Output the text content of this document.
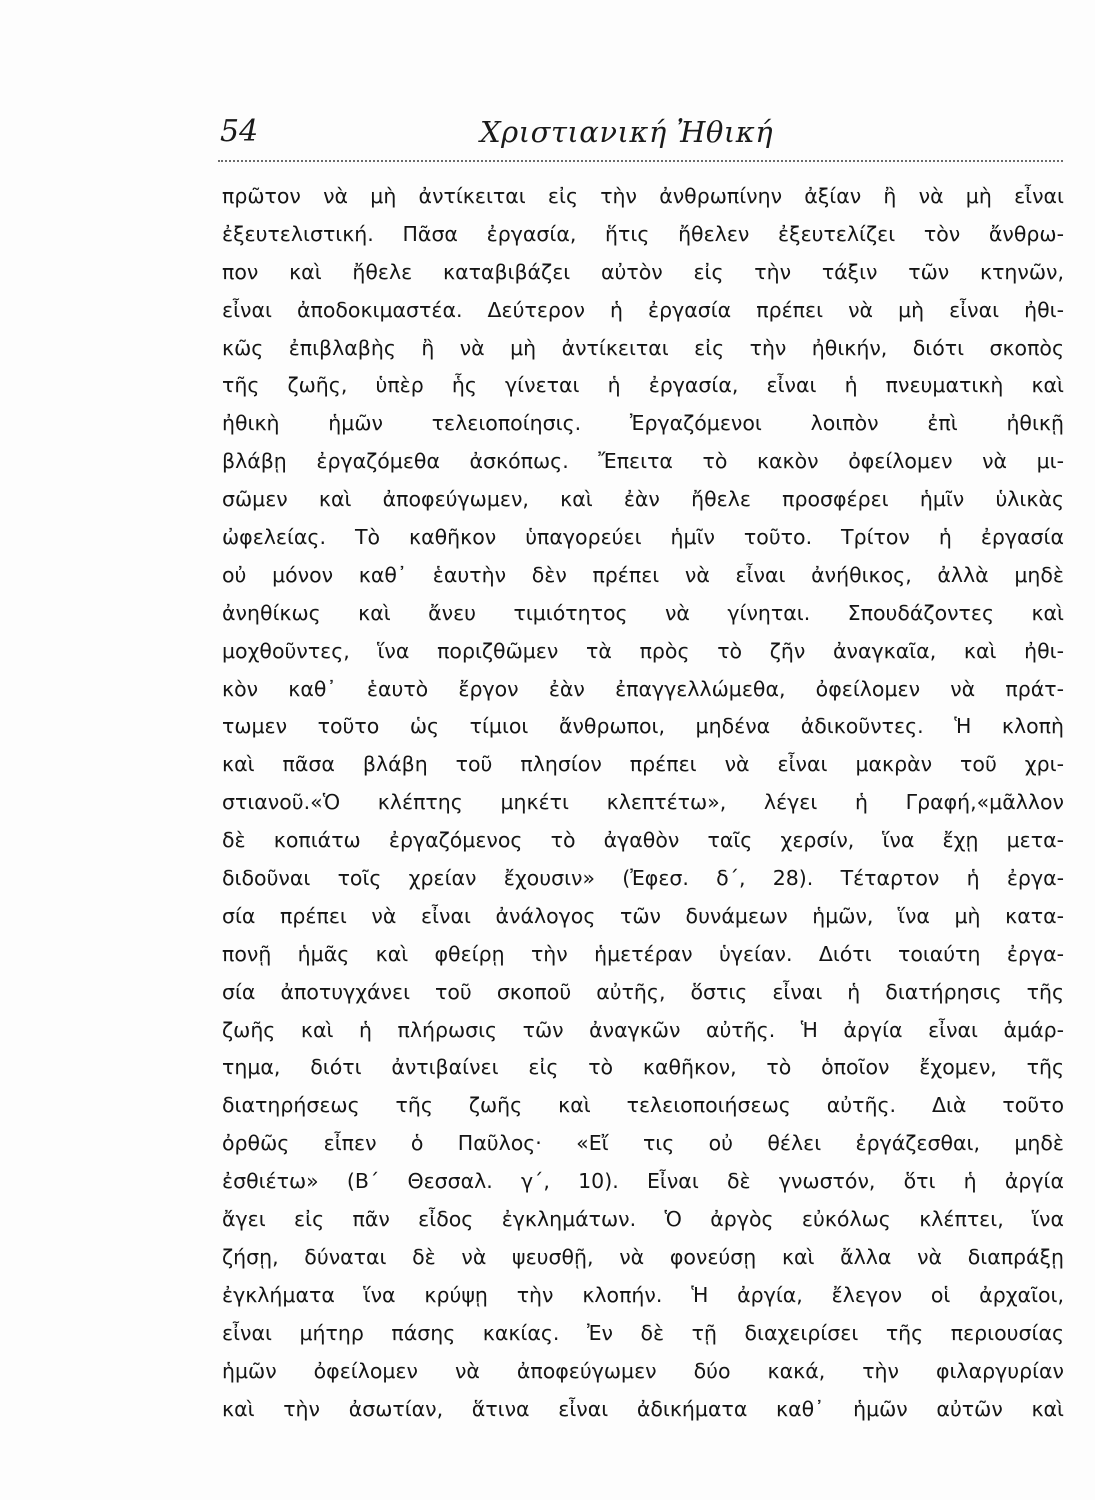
54	Χριστιανική Ἠθική
πρῶτον νὰ μὴ ἀντίκειται εἰς τὴν ἀνθρωπίνην ἀξίαν ἢ νὰ μὴ εἶναι
ἐξευτελιστική. Πᾶσα ἐργασία, ἥτις ἤθελεν ἐξευτελίζει τὸν ἄνθρω-
πον καὶ ἤθελε καταβιβάζει αὐτὸν εἰς τὴν τάξιν τῶν κτηνῶν,
εἶναι ἀποδοκιμαστέα. Δεύτερον ἡ ἐργασία πρέπει νὰ μὴ εἶναι ἠθι-
κῶς ἐπιβλαβὴς ἢ νὰ μὴ ἀντίκειται εἰς τὴν ἠθικήν, διότι σκοπὸς
τῆς ζωῆς, ὑπὲρ ἧς γίνεται ἡ ἐργασία, εἶναι ἡ πνευματικὴ καὶ
ἠθικὴ ἡμῶν τελειοποίησις. Ἐργαζόμενοι λοιπὸν ἐπὶ ἠθικῇ
βλάβῃ ἐργαζόμεθα ἀσκόπως. Ἔπειτα τὸ κακὸν ὀφείλομεν νὰ μι-
σῶμεν καὶ ἀποφεύγωμεν, καὶ ἐὰν ἤθελε προσφέρει ἡμῖν ὑλικὰς
ὠφελείας. Τὸ καθῆκον ὑπαγορεύει ἡμῖν τοῦτο. Τρίτον ἡ ἐργασία
οὐ μόνον καθ᾽ ἑαυτὴν δὲν πρέπει νὰ εἶναι ἀνήθικος, ἀλλὰ μηδὲ
ἀνηθίκως καὶ ἄνευ τιμιότητος νὰ γίνηται. Σπουδάζοντες καὶ
μοχθοῦντες, ἵνα ποριζθῶμεν τὰ πρὸς τὸ ζῆν ἀναγκαῖα, καὶ ἠθι-
κὸν καθ᾽ ἑαυτὸ ἔργον ἐὰν ἐπαγγελλώμεθα, ὀφείλομεν νὰ πράτ-
τωμεν τοῦτο ὡς τίμιοι ἄνθρωποι, μηδένα ἀδικοῦντες. Ἡ κλοπὴ
καὶ πᾶσα βλάβη τοῦ πλησίον πρέπει νὰ εἶναι μακρὰν τοῦ χρι-
στιανοῦ.«Ὁ κλέπτης μηκέτι κλεπτέτω», λέγει ἡ Γραφή,«μᾶλλον
δὲ κοπιάτω ἐργαζόμενος τὸ ἀγαθὸν ταῖς χερσίν, ἵνα ἔχῃ μετα-
διδοῦναι τοῖς χρείαν ἔχουσιν» (Ἐφεσ. δ΄, 28). Τέταρτον ἡ ἐργα-
σία πρέπει νὰ εἶναι ἀνάλογος τῶν δυνάμεων ἡμῶν, ἵνα μὴ κατα-
πονῇ ἡμᾶς καὶ φθείρῃ τὴν ἡμετέραν ὑγείαν. Διότι τοιαύτη ἐργα-
σία ἀποτυγχάνει τοῦ σκοποῦ αὐτῆς, ὅστις εἶναι ἡ διατήρησις τῆς
ζωῆς καὶ ἡ πλήρωσις τῶν ἀναγκῶν αὐτῆς. Ἡ ἀργία εἶναι ἁμάρ-
τημα, διότι ἀντιβαίνει εἰς τὸ καθῆκον, τὸ ὁποῖον ἔχομεν, τῆς
διατηρήσεως τῆς ζωῆς καὶ τελειοποιήσεως αὐτῆς. Διὰ τοῦτο
ὀρθῶς εἶπεν ὁ Παῦλος· «Εἴ τις οὐ θέλει ἐργάζεσθαι, μηδὲ
ἐσθιέτω» (Β΄ Θεσσαλ. γ΄, 10). Εἶναι δὲ γνωστόν, ὅτι ἡ ἀργία
ἄγει εἰς πᾶν εἶδος ἐγκλημάτων. Ὁ ἀργὸς εὐκόλως κλέπτει, ἵνα
ζήσῃ, δύναται δὲ νὰ ψευσθῇ, νὰ φονεύσῃ καὶ ἄλλα νὰ διαπράξῃ
ἐγκλήματα ἵνα κρύψῃ τὴν κλοπήν. Ἡ ἀργία, ἔλεγον οἱ ἀρχαῖοι,
εἶναι μήτηρ πάσης κακίας. Ἐν δὲ τῇ διαχειρίσει τῆς περιουσίας
ἡμῶν ὀφείλομεν νὰ ἀποφεύγωμεν δύο κακά, τὴν φιλαργυρίαν
καὶ τὴν ἀσωτίαν, ἅτινα εἶναι ἀδικήματα καθ᾽ ἡμῶν αὐτῶν καὶ
